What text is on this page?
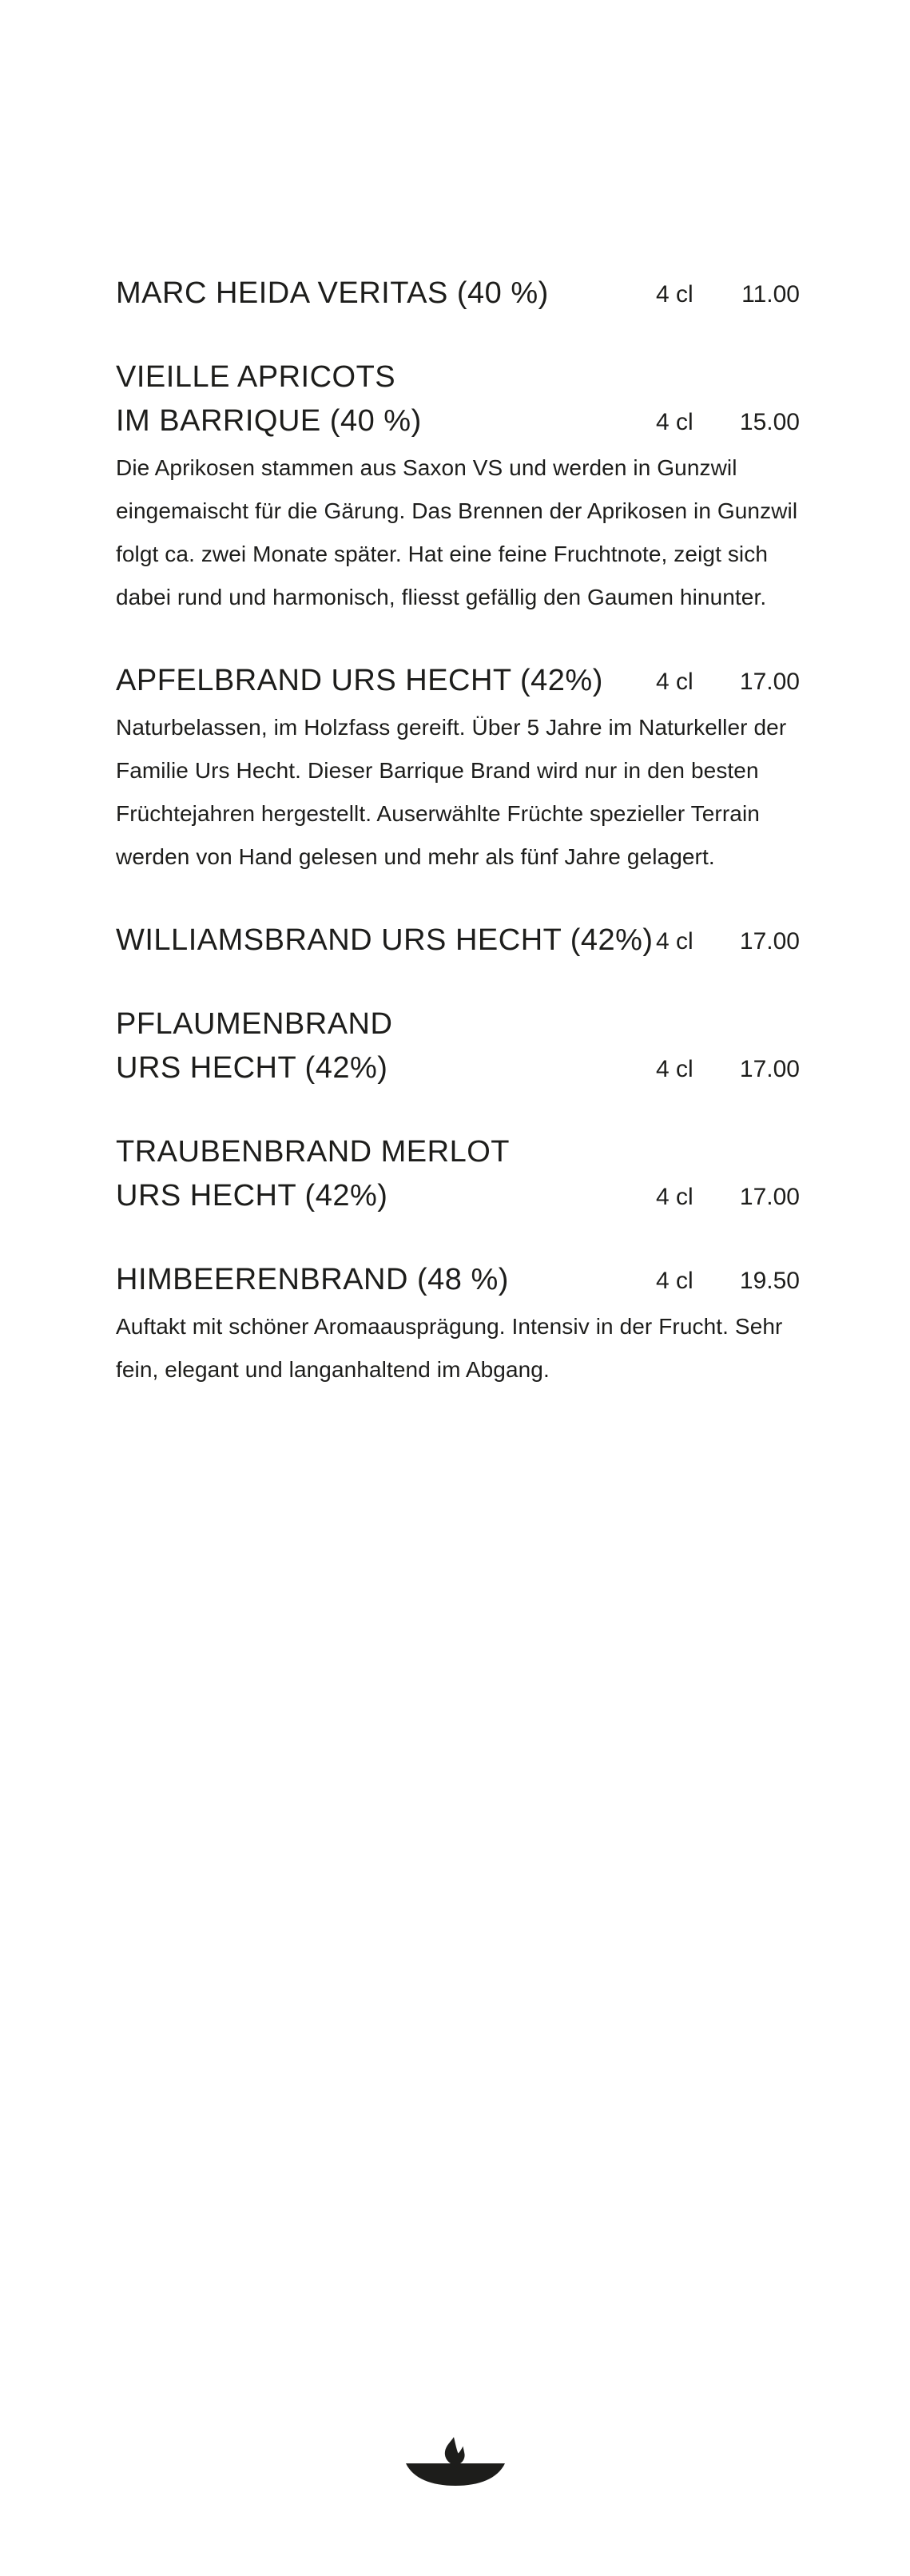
MARC HEIDA VERITAS (40 %)	4 cl	11.00
VIEILLE APRICOTS
IM BARRIQUE (40 %)	4 cl	15.00

Die Aprikosen stammen aus Saxon VS und werden in Gunzwil eingemaischt für die Gärung. Das Brennen der Aprikosen in Gunzwil folgt ca. zwei Monate später. Hat eine feine Fruchtnote, zeigt sich dabei rund und harmonisch, fliesst gefällig den Gaumen hinunter.

APFELBRAND URS HECHT (42%)	4 cl	17.00

Naturbelassen, im Holzfass gereift. Über 5 Jahre im Naturkeller der Familie Urs Hecht. Dieser Barrique Brand wird nur in den besten Früchtejahren hergestellt. Auserwählte Früchte spezieller Terrain werden von Hand gelesen und mehr als fünf Jahre gelagert.

WILLIAMSBRAND URS HECHT (42%) 4 cl	17.00
PFLAUMENBRAND
URS HECHT (42%)	4 cl	17.00
TRAUBENBRAND MERLOT
URS HECHT (42%)	4 cl	17.00
HIMBEERENBRAND (48 %)	4 cl	19.50

Auftakt mit schöner Aromaausprägung. Intensiv in der Frucht. Sehr fein, elegant und langanhaltend im Abgang.
